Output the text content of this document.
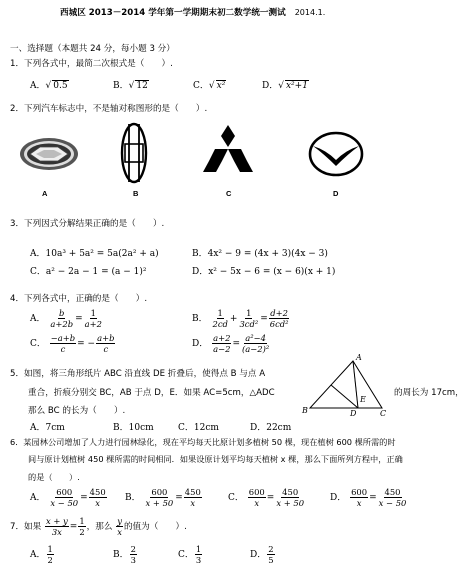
西城区 2013－2014 学年第一学期期末初二数学统一测试 2014.1.
一、选择题（本题共 24 分，每小题 3 分）
1．下列各式中，最简二次根式是（　　）.
A．√ 0.5	B．√ 12	C．√ x²	D．√ x²+1
2．下列汽车标志中，不是轴对称图形的是（　　）.
A	B	C	D
3．下列因式分解结果正确的是（　　）.
A．10a³ + 5a² = 5a(2a² + a)	B．4x² − 9 = (4x + 3)(4x − 3)
C．a² − 2a − 1 = (a − 1)²	D．x² − 5x − 6 = (x − 6)(x + 1)
4．下列各式中，正确的是（　　）.
A． $\frac{b}{a+2b} = \frac{1}{a+2}$	B． $\frac{1}{2cd} + \frac{1}{\text{3cd²}} = \frac{d+2}{\text{6cd²}}$
C． $\frac{-a+b}{c}$ = − $\frac{a+b}{c}$	D． $\frac{a+2}{a-2} = \frac{\text{a²−4}}{\text{(a−2)²}}$
5．如图，将三角形纸片 ABC 沿直线 DE 折叠后，使得点 B 与点 A
重合，折痕分别交 BC，AB 于点 D，E．如果 AC=5cm，△ADC	的周长为 17cm，
那么 BC 的长为（　　）.
A
B	C
D
E
A．7cm	B．10cm	C．12cm	D．22cm
6．某园林公司增加了人力进行园林绿化，现在平均每天比原计划多植树 50 棵，现在植树 600 棵所需的时
间与原计划植树 450 棵所需的时间相同．如果设原计划平均每天植树 x 棵，那么下面所列方程中，正确
的是（　　）.
A． $\frac{600}{x - 50} = \frac{450}{x}$ B． $\frac{600}{x + 50} = \frac{450}{x}$	C． $\frac{600}{x} = \frac{450}{x + 50}$	D． $\frac{600}{x} = \frac{450}{x - 50}$
7．如果 $\frac{x + y}{3x} = \frac{1}{2}$ ，那么 $\frac{y}{x}$ 的值为（　　）.
A． $\frac{1}{2}$	B． $\frac{2}{3}$	C． $\frac{1}{3}$	D． $\frac{2}{5}$
